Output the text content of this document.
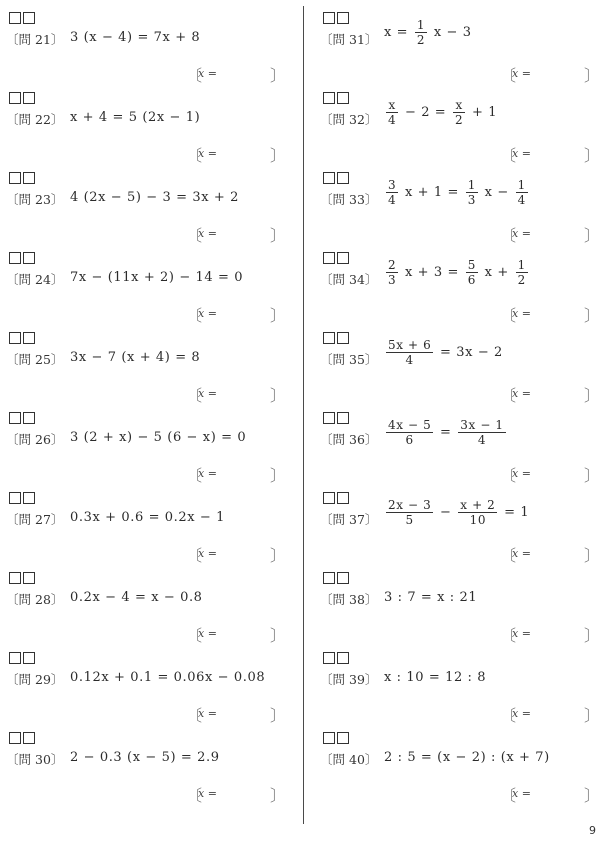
〔問 21〕 3 (x − 4) = 7x + 8
〔
x =	〕
〔問 22〕 x + 4 = 5 (2x − 1)
〔
x =	〕
〔問 23〕 4 (2x − 5) − 3 = 3x + 2
〔
x =	〕
〔問 24〕 7x − (11x + 2) − 14 = 0
〔
x =	〕
〔問 25〕 3x − 7 (x + 4) = 8
〔
x =	〕
〔問 26〕 3 (2 + x) − 5 (6 − x) = 0
〔
x =	〕
〔問 27〕 0.3x + 0.6 = 0.2x − 1
〔
x =	〕
〔問 28〕 0.2x − 4 = x − 0.8
〔
x =	〕
〔問 29〕 0.12x + 0.1 = 0.06x − 0.08
〔
x =	〕
〔問 30〕 2 − 0.3 (x − 5) = 2.9
〔
x =	〕
〔問 31〕 $x = \frac{1}{2}$ x − 3
〔
x =	〕
〔問 32〕 $\frac{x}{4} - 2 = \frac{x}{2} + 1$
〔
x =	〕
〔問 33〕 $\frac{3}{4}$ $x + 1 = \frac{1}{3}$ $x - \frac{1}{4}$
〔
x =	〕
〔問 34〕 $\frac{2}{3}$ $x + 3 = \frac{5}{6}$ $x + \frac{1}{2}$
〔
x =	〕
〔問 35〕 $\frac{5x + 6}{4} = 3x - 2$
〔
x =	〕
〔問 36〕 $\frac{4x - 5}{6} = \frac{3x - 1}{4}$
〔
x =	〕
〔問 37〕 $\frac{2x - 3}{5} - \frac{x + 2}{10} = 1$
〔
x =	〕
〔問 38〕 3 : 7 = x : 21
〔
x =	〕
〔問 39〕 x : 10 = 12 : 8
〔
x =	〕
〔問 40〕 2 : 5 = (x − 2) : (x + 7)
〔
x =	〕
9
